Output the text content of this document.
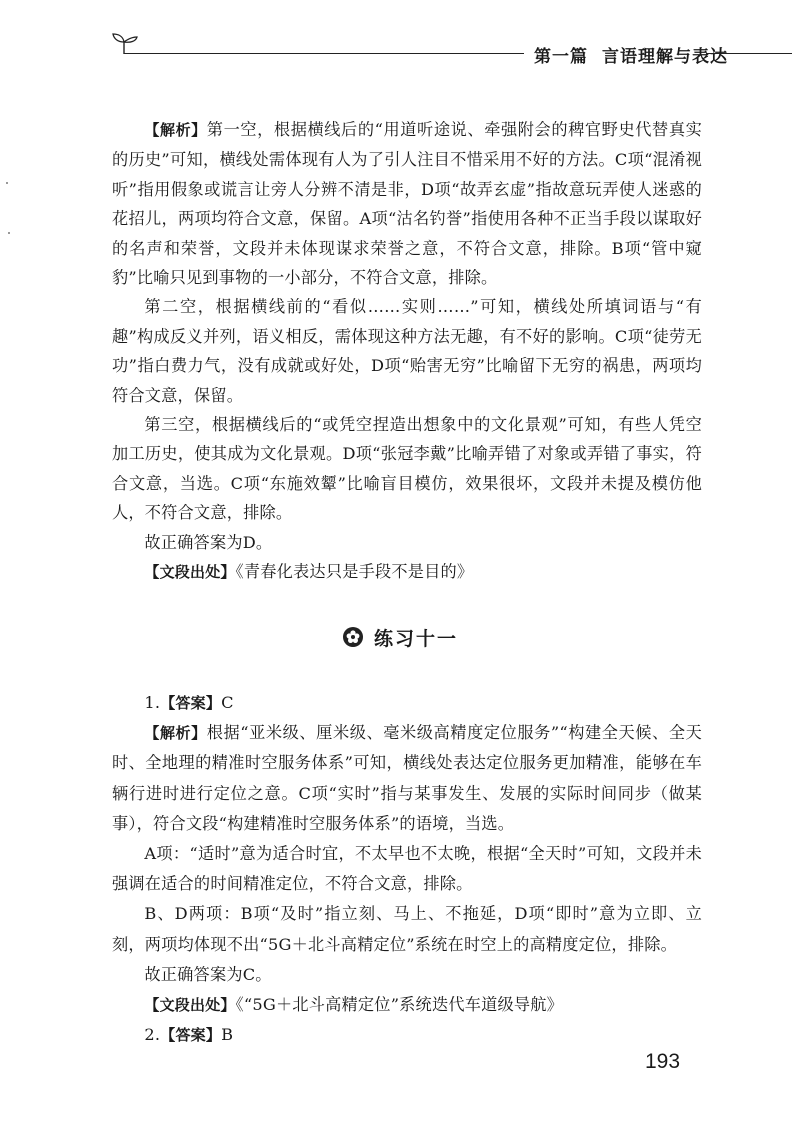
第一篇 言语理解与表达

【解析】第一空，根据横线后的“用道听途说、牵强附会的稗官野史代替真实的历史”可知，横线处需体现有人为了引人注目不惜采用不好的方法。C项“混淆视听”指用假象或谎言让旁人分辨不清是非，D项“故弄玄虚”指故意玩弄使人迷惑的花招儿，两项均符合文意，保留。A项“沽名钓誉”指使用各种不正当手段以谋取好的名声和荣誉，文段并未体现谋求荣誉之意，不符合文意，排除。B项“管中窥豹”比喻只见到事物的一小部分，不符合文意，排除。

第二空，根据横线前的“看似……实则……”可知，横线处所填词语与“有趣”构成反义并列，语义相反，需体现这种方法无趣，有不好的影响。C项“徒劳无功”指白费力气，没有成就或好处，D项“贻害无穷”比喻留下无穷的祸患，两项均符合文意，保留。

第三空，根据横线后的“或凭空捏造出想象中的文化景观”可知，有些人凭空加工历史，使其成为文化景观。D项“张冠李戴”比喻弄错了对象或弄错了事实，符合文意，当选。C项“东施效颦”比喻盲目模仿，效果很坏，文段并未提及模仿他人，不符合文意，排除。

故正确答案为D。

【文段出处】《青春化表达只是手段不是目的》

练习十一

1.【答案】C

【解析】根据“亚米级、厘米级、毫米级高精度定位服务”“构建全天候、全天时、全地理的精准时空服务体系”可知，横线处表达定位服务更加精准，能够在车辆行进时进行定位之意。C项“实时”指与某事发生、发展的实际时间同步（做某事），符合文段“构建精准时空服务体系”的语境，当选。

A项：“适时”意为适合时宜，不太早也不太晚，根据“全天时”可知，文段并未强调在适合的时间精准定位，不符合文意，排除。

B、D两项：B项“及时”指立刻、马上、不拖延，D项“即时”意为立即、立刻，两项均体现不出“5G＋北斗高精定位”系统在时空上的高精度定位，排除。

故正确答案为C。

【文段出处】《“5G＋北斗高精定位”系统迭代车道级导航》

2.【答案】B

193
